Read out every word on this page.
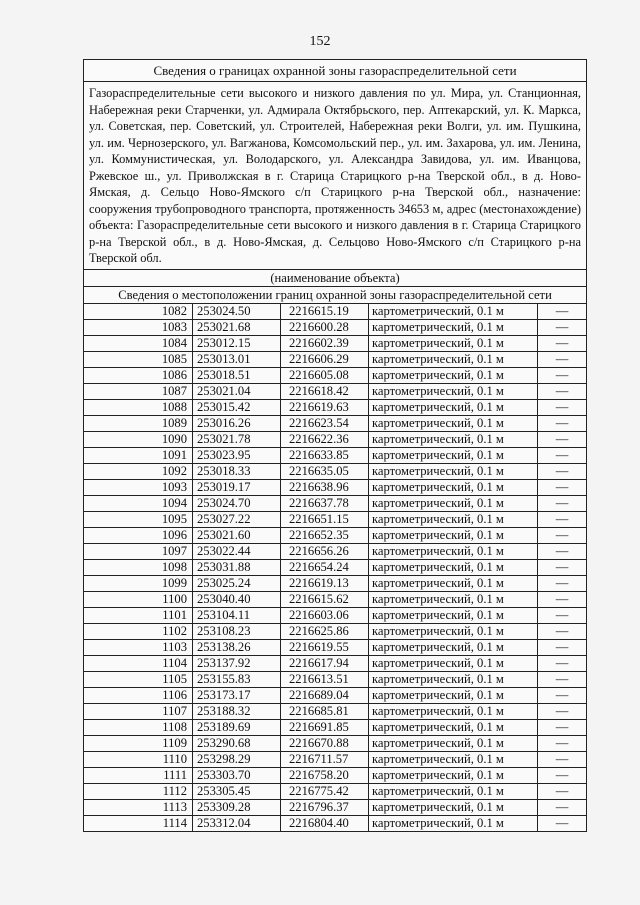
152
Сведения о границах охранной зоны газораспределительной сети
Газораспределительные сети высокого и низкого давления по ул. Мира, ул. Станционная, Набережная реки Старченки, ул. Адмирала Октябрьского, пер. Аптекарский, ул. К. Маркса, ул. Советская, пер. Советский, ул. Строителей, Набережная реки Волги, ул. им. Пушкина, ул. им. Чернозерского, ул. Вагжанова, Комсомольский пер., ул. им. Захарова, ул. им. Ленина, ул. Коммунистическая, ул. Володарского, ул. Александра Завидова, ул. им. Иванцова, Ржевское ш., ул. Приволжская в г. Старица Старицкого р-на Тверской обл., в д. Ново-Ямская, д. Сельцо Ново-Ямского с/п Старицкого р-на Тверской обл., назначение: сооружения трубопроводного транспорта, протяженность 34653 м, адрес (местонахождение) объекта: Газораспределительные сети высокого и низкого давления в г. Старица Старицкого р-на Тверской обл., в д. Ново-Ямская, д. Сельцово Ново-Ямского с/п Старицкого р-на Тверской обл.
(наименование объекта)
Сведения о местоположении границ охранной зоны газораспределительной сети
1082	253024.50	2216615.19	картометрический, 0.1 м	—
1083	253021.68	2216600.28	картометрический, 0.1 м	—
1084	253012.15	2216602.39	картометрический, 0.1 м	—
1085	253013.01	2216606.29	картометрический, 0.1 м	—
1086	253018.51	2216605.08	картометрический, 0.1 м	—
1087	253021.04	2216618.42	картометрический, 0.1 м	—
1088	253015.42	2216619.63	картометрический, 0.1 м	—
1089	253016.26	2216623.54	картометрический, 0.1 м	—
1090	253021.78	2216622.36	картометрический, 0.1 м	—
1091	253023.95	2216633.85	картометрический, 0.1 м	—
1092	253018.33	2216635.05	картометрический, 0.1 м	—
1093	253019.17	2216638.96	картометрический, 0.1 м	—
1094	253024.70	2216637.78	картометрический, 0.1 м	—
1095	253027.22	2216651.15	картометрический, 0.1 м	—
1096	253021.60	2216652.35	картометрический, 0.1 м	—
1097	253022.44	2216656.26	картометрический, 0.1 м	—
1098	253031.88	2216654.24	картометрический, 0.1 м	—
1099	253025.24	2216619.13	картометрический, 0.1 м	—
1100	253040.40	2216615.62	картометрический, 0.1 м	—
1101	253104.11	2216603.06	картометрический, 0.1 м	—
1102	253108.23	2216625.86	картометрический, 0.1 м	—
1103	253138.26	2216619.55	картометрический, 0.1 м	—
1104	253137.92	2216617.94	картометрический, 0.1 м	—
1105	253155.83	2216613.51	картометрический, 0.1 м	—
1106	253173.17	2216689.04	картометрический, 0.1 м	—
1107	253188.32	2216685.81	картометрический, 0.1 м	—
1108	253189.69	2216691.85	картометрический, 0.1 м	—
1109	253290.68	2216670.88	картометрический, 0.1 м	—
1110	253298.29	2216711.57	картометрический, 0.1 м	—
1111	253303.70	2216758.20	картометрический, 0.1 м	—
1112	253305.45	2216775.42	картометрический, 0.1 м	—
1113	253309.28	2216796.37	картометрический, 0.1 м	—
1114	253312.04	2216804.40	картометрический, 0.1 м	—
